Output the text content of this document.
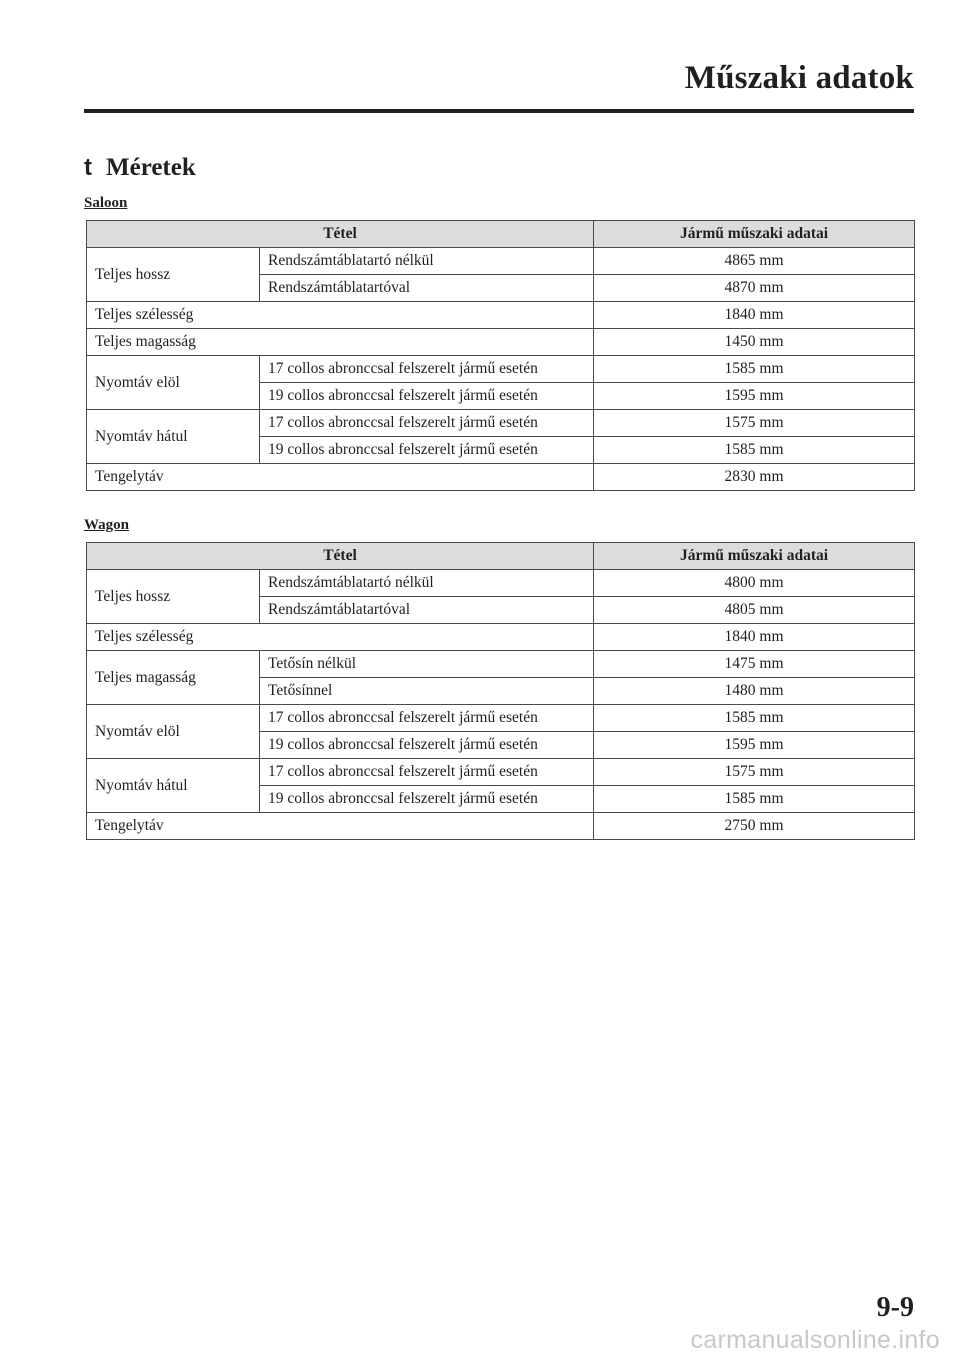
Műszaki adatok
t Méretek
Saloon
Tétel		Jármű műszaki adatai
Teljes hossz	Rendszámtáblatartó nélkül	4865 mm
	Rendszámtáblatartóval	4870 mm
Teljes szélesség		1840 mm
Teljes magasság		1450 mm
Nyomtáv elöl	17 collos abronccsal felszerelt jármű esetén	1585 mm
	19 collos abronccsal felszerelt jármű esetén	1595 mm
Nyomtáv hátul	17 collos abronccsal felszerelt jármű esetén	1575 mm
	19 collos abronccsal felszerelt jármű esetén	1585 mm
Tengelytáv		2830 mm
Wagon
Tétel		Jármű műszaki adatai
Teljes hossz	Rendszámtáblatartó nélkül	4800 mm
	Rendszámtáblatartóval	4805 mm
Teljes szélesség		1840 mm
Teljes magasság	Tetősín nélkül	1475 mm
	Tetősínnel	1480 mm
Nyomtáv elöl	17 collos abronccsal felszerelt jármű esetén	1585 mm
	19 collos abronccsal felszerelt jármű esetén	1595 mm
Nyomtáv hátul	17 collos abronccsal felszerelt jármű esetén	1575 mm
	19 collos abronccsal felszerelt jármű esetén	1585 mm
Tengelytáv		2750 mm
9-9
carmanualsonline.info
